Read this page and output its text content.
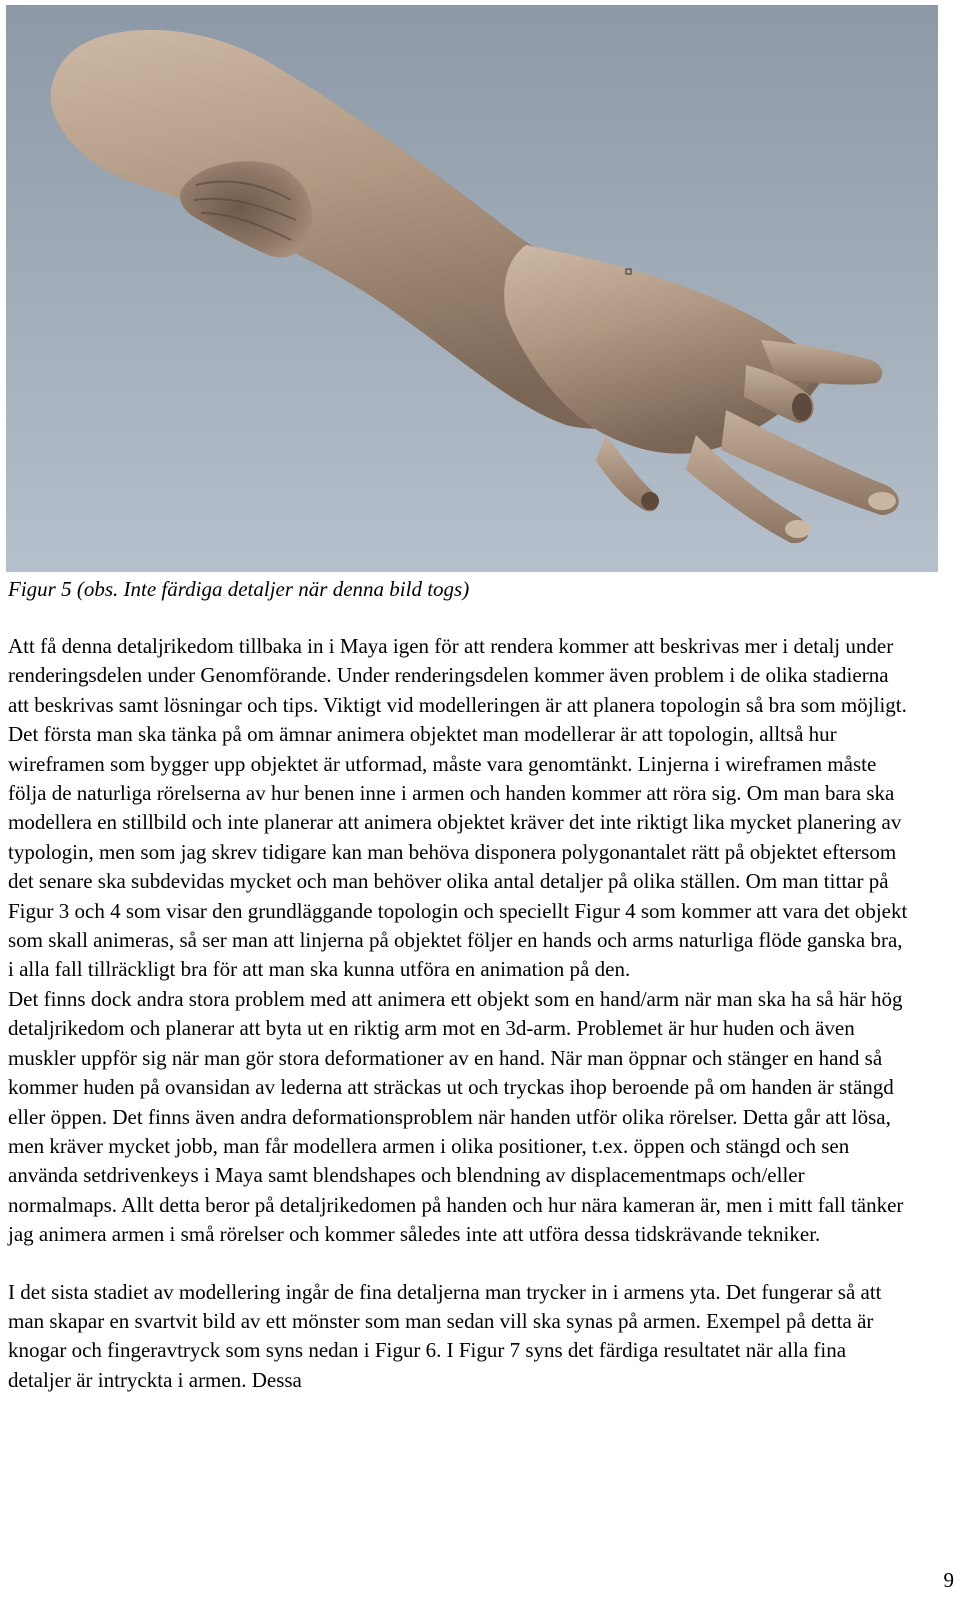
Figur 5 (obs. Inte färdiga detaljer när denna bild togs)

Att få denna detaljrikedom tillbaka in i Maya igen för att rendera kommer att beskrivas mer i detalj under renderingsdelen under Genomförande. Under renderingsdelen kommer även problem i de olika stadierna att beskrivas samt lösningar och tips. Viktigt vid modelleringen är att planera topologin så bra som möjligt. Det första man ska tänka på om ämnar animera objektet man modellerar är att topologin, alltså hur wireframen som bygger upp objektet är utformad, måste vara genomtänkt. Linjerna i wireframen måste följa de naturliga rörelserna av hur benen inne i armen och handen kommer att röra sig. Om man bara ska modellera en stillbild och inte planerar att animera objektet kräver det inte riktigt lika mycket planering av typologin, men som jag skrev tidigare kan man behöva disponera polygonantalet rätt på objektet eftersom det senare ska subdevidas mycket och man behöver olika antal detaljer på olika ställen. Om man tittar på Figur 3 och 4 som visar den grundläggande topologin och speciellt Figur 4 som kommer att vara det objekt som skall animeras, så ser man att linjerna på objektet följer en hands och arms naturliga flöde ganska bra, i alla fall tillräckligt bra för att man ska kunna utföra en animation på den.

Det finns dock andra stora problem med att animera ett objekt som en hand/arm när man ska ha så här hög detaljrikedom och planerar att byta ut en riktig arm mot en 3d-arm. Problemet är hur huden och även muskler uppför sig när man gör stora deformationer av en hand. När man öppnar och stänger en hand så kommer huden på ovansidan av lederna att sträckas ut och tryckas ihop beroende på om handen är stängd eller öppen. Det finns även andra deformationsproblem när handen utför olika rörelser. Detta går att lösa, men kräver mycket jobb, man får modellera armen i olika positioner, t.ex. öppen och stängd och sen använda setdrivenkeys i Maya samt blendshapes och blendning av displacementmaps och/eller normalmaps. Allt detta beror på detaljrikedomen på handen och hur nära kameran är, men i mitt fall tänker jag animera armen i små rörelser och kommer således inte att utföra dessa tidskrävande tekniker.

I det sista stadiet av modellering ingår de fina detaljerna man trycker in i armens yta. Det fungerar så att man skapar en svartvit bild av ett mönster som man sedan vill ska synas på armen. Exempel på detta är knogar och fingeravtryck som syns nedan i Figur 6. I Figur 7 syns det färdiga resultatet när alla fina detaljer är intryckta i armen. Dessa

9
